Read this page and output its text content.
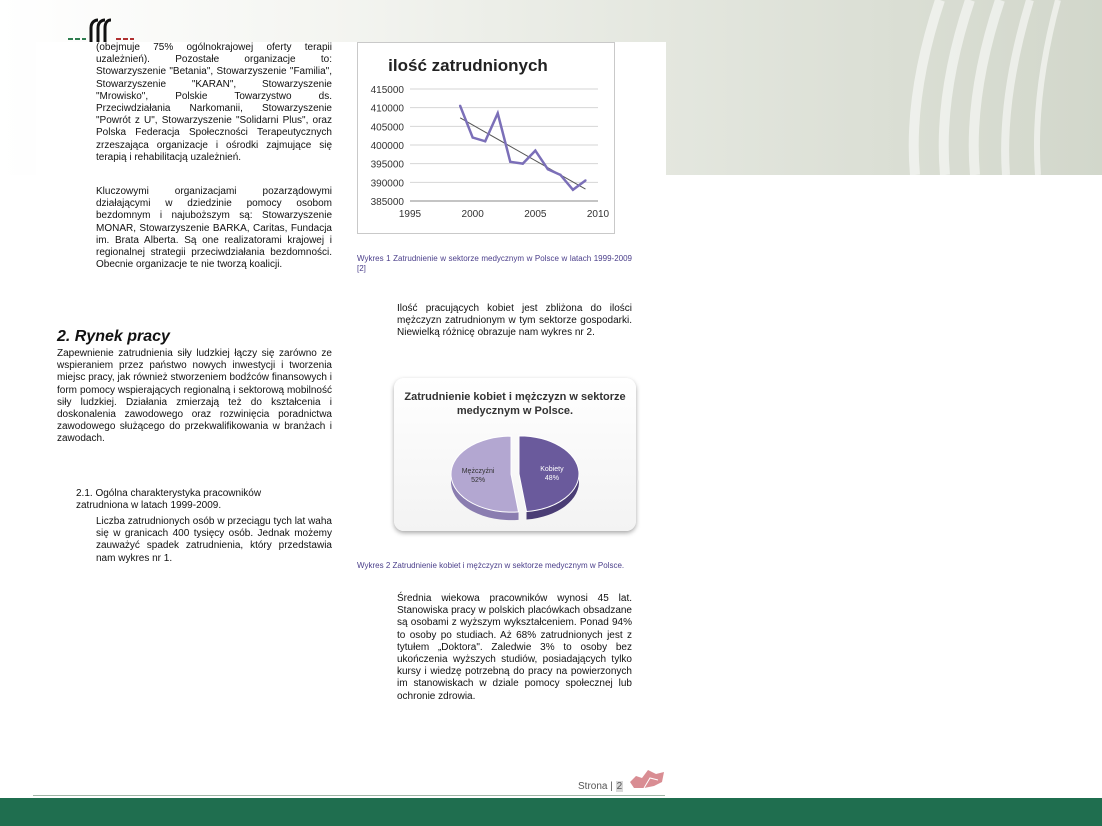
(obejmuje 75% ogólnokrajowej oferty terapii uzależnień). Pozostałe organizacje to: Stowarzyszenie "Betania", Stowarzyszenie "Familia", Stowarzyszenie "KARAN", Stowarzyszenie "Mrowisko", Polskie Towarzystwo ds. Przeciwdziałania Narkomanii, Stowarzyszenie "Powrót z U", Stowarzyszenie "Solidarni Plus", oraz Polska Federacja Społeczności Terapeutycznych zrzeszająca organizacje i ośrodki zajmujące się terapią i rehabilitacją uzależnień.

Kluczowymi organizacjami pozarządowymi działającymi w dziedzinie pomocy osobom bezdomnym i najuboższym są: Stowarzyszenie MONAR, Stowarzyszenie BARKA, Caritas, Fundacja im. Brata Alberta. Są one realizatorami krajowej i regionalnej strategii przeciwdziałania bezdomności. Obecnie organizacje te nie tworzą koalicji.

2. Rynek pracy

Zapewnienie zatrudnienia siły ludzkiej łączy się zarówno ze wspieraniem przez państwo nowych inwestycji i tworzenia miejsc pracy, jak również stworzeniem bodźców finansowych i form pomocy wspierających regionalną i sektorową mobilność siły ludzkiej. Działania zmierzają też do kształcenia i doskonalenia zawodowego oraz rozwinięcia poradnictwa zawodowego służącego do przekwalifikowania w branżach i zawodach.

2.1. Ogólna charakterystyka pracowników zatrudniona w latach 1999-2009.

Liczba zatrudnionych osób w przeciągu tych lat waha się w granicach 400 tysięcy osób. Jednak możemy zauważyć spadek zatrudnienia, który przedstawia nam wykres nr 1.

ilość zatrudnionych
385000
390000
395000
400000
405000
410000
415000
1995	2000	2005	2010

Wykres 1 Zatrudnienie w sektorze medycznym w Polsce w latach 1999-2009 [2]

Ilość pracujących kobiet jest zbliżona do ilości mężczyzn zatrudnionym w tym sektorze gospodarki. Niewielką różnicę obrazuje nam wykres nr 2.

Zatrudnienie kobiet i mężczyzn w sektorze medycznym w Polsce.
Kobiety
48%
Mężczyźni
52%

Wykres 2 Zatrudnienie kobiet i mężczyzn w sektorze medycznym w Polsce.

Średnia wiekowa pracowników wynosi 45 lat. Stanowiska pracy w polskich placówkach obsadzane są osobami z wyższym wykształceniem. Ponad 94% to osoby po studiach. Aż 68% zatrudnionych jest z tytułem „Doktora". Zaledwie 3% to osoby bez ukończenia wyższych studiów, posiadających tylko kursy i wiedzę potrzebną do pracy na powierzonych im stanowiskach w dziale pomocy społecznej lub ochronie zdrowia.

Strona | 2
